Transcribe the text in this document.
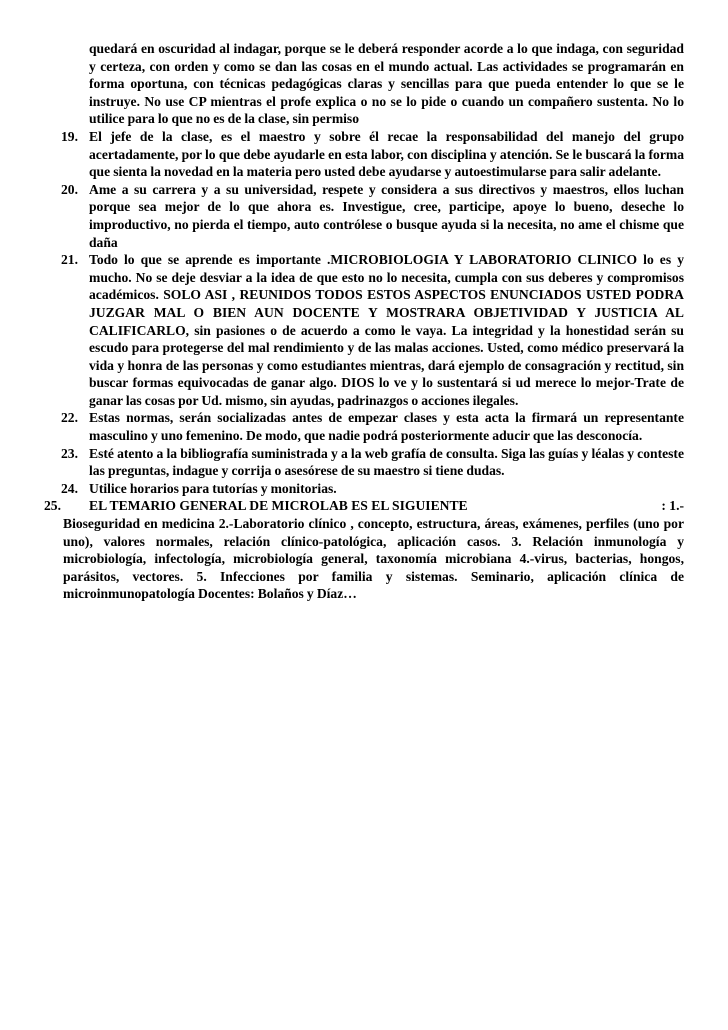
quedará en oscuridad al indagar, porque se le deberá responder acorde a lo que indaga, con seguridad y certeza, con orden y como se dan las cosas en el mundo actual. Las actividades se programarán en forma oportuna, con técnicas pedagógicas claras y sencillas para que pueda entender lo que se le instruye. No use CP mientras el profe explica o no se lo pide o cuando un compañero sustenta. No lo utilice para lo que no es de la clase, sin permiso
19. El jefe de la clase, es el maestro y sobre él recae la responsabilidad del manejo del grupo acertadamente, por lo que debe ayudarle en esta labor, con disciplina y atención. Se le buscará la forma que sienta la novedad en la materia pero usted debe ayudarse y autoestimularse para salir adelante.
20. Ame a su carrera y a su universidad, respete y considera a sus directivos y maestros, ellos luchan porque sea mejor de lo que ahora es. Investigue, cree, participe, apoye lo bueno, deseche lo improductivo, no pierda el tiempo, auto contrólese o busque ayuda si la necesita, no ame el chisme que daña
21. Todo lo que se aprende es importante .MICROBIOLOGIA Y LABORATORIO CLINICO lo es y mucho. No se deje desviar a la idea de que esto no lo necesita, cumpla con sus deberes y compromisos académicos. SOLO ASI , REUNIDOS TODOS ESTOS ASPECTOS ENUNCIADOS USTED PODRA JUZGAR MAL O BIEN AUN DOCENTE Y MOSTRARA OBJETIVIDAD Y JUSTICIA AL CALIFICARLO, sin pasiones o de acuerdo a como le vaya. La integridad y la honestidad serán su escudo para protegerse del mal rendimiento y de las malas acciones. Usted, como médico preservará la vida y honra de las personas y como estudiantes mientras, dará ejemplo de consagración y rectitud, sin buscar formas equivocadas de ganar algo. DIOS lo ve y lo sustentará si ud merece lo mejor-Trate de ganar las cosas por Ud. mismo, sin ayudas, padrinazgos o acciones ilegales.
22. Estas normas, serán socializadas antes de empezar clases y esta acta la firmará un representante masculino y uno femenino. De modo, que nadie podrá posteriormente aducir que las desconocía.
23. Esté atento a la bibliografía suministrada y a la web grafía de consulta. Siga las guías y léalas y conteste las preguntas, indague y corrija o asesórese de su maestro si tiene dudas.
24. Utilice horarios para tutorías y monitorias.
25.	EL TEMARIO GENERAL DE MICROLAB ES EL SIGUIENTE	: 1.-
Bioseguridad en medicina 2.-Laboratorio clínico , concepto, estructura, áreas, exámenes, perfiles (uno por uno), valores normales, relación clínico-patológica, aplicación casos. 3. Relación inmunología y microbiología, infectología, microbiología general, taxonomía microbiana 4.-virus, bacterias, hongos, parásitos, vectores. 5. Infecciones por familia y sistemas. Seminario, aplicación clínica de microinmunopatología Docentes: Bolaños y Díaz…
